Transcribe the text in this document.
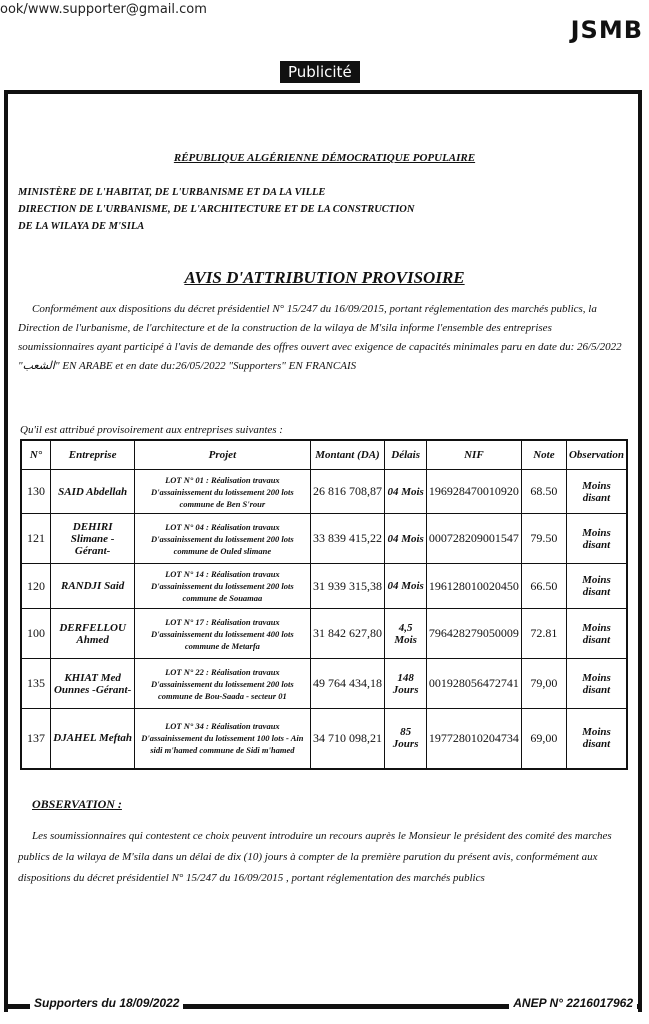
ook/www.supporter@gmail.com
JSMB
Publicité
RÉPUBLIQUE ALGÉRIENNE DÉMOCRATIQUE POPULAIRE
MINISTÈRE DE L'HABITAT, DE L'URBANISME ET DA LA VILLE
DIRECTION DE L'URBANISME, DE L'ARCHITECTURE ET DE LA CONSTRUCTION
DE LA WILAYA DE M'SILA
AVIS D'ATTRIBUTION PROVISOIRE
Conformément aux dispositions du décret présidentiel N° 15/247 du 16/09/2015, portant réglementation des marchés publics, la Direction de l'urbanisme, de l'architecture et de la construction de la wilaya de M'sila informe l'ensemble des entreprises soumissionnaires ayant participé à l'avis de demande des offres ouvert avec exigence de capacités minimales paru en date du: 26/5/2022 "الشعب" EN ARABE et en date du:26/05/2022 "Supporters" EN FRANCAIS
Qu'il est attribué provisoirement aux entreprises suivantes :
N°	Entreprise	Projet	Montant (DA)	Délais	NIF	Note	Observation
130	SAID Abdellah	LOT N° 01 : Réalisation travaux D'assainissement du lotissement 200 lots commune de Ben S'rour	26 816 708,87	04 Mois	196928470010920	68.50	Moins disant
121	DEHIRI Slimane -Gérant-	LOT N° 04 : Réalisation travaux D'assainissement du lotissement 200 lots commune de Ouled slimane	33 839 415,22	04 Mois	000728209001547	79.50	Moins disant
120	RANDJI Said	LOT N° 14 : Réalisation travaux D'assainissement du lotissement 200 lots commune de Souamaa	31 939 315,38	04 Mois	196128010020450	66.50	Moins disant
100	DERFELLOU Ahmed	LOT N° 17 : Réalisation travaux D'assainissement du lotissement 400 lots commune de Metarfa	31 842 627,80	4,5 Mois	796428279050009	72.81	Moins disant
135	KHIAT Med Ounnes -Gérant-	LOT N° 22 : Réalisation travaux D'assainissement du lotissement 200 lots commune de Bou-Saada - secteur 01	49 764 434,18	148 Jours	001928056472741	79,00	Moins disant
137	DJAHEL Meftah	LOT N° 34 : Réalisation travaux D'assainissement du lotissement 100 lots - Ain sidi m'hamed commune de Sidi m'hamed	34 710 098,21	85 Jours	197728010204734	69,00	Moins disant
OBSERVATION :
Les soumissionnaires qui contestent ce choix peuvent introduire un recours auprès le Monsieur le président des comité des marches publics de la wilaya de M'sila dans un délai de dix (10) jours à compter de la première parution du présent avis, conformément aux dispositions du décret présidentiel N° 15/247 du 16/09/2015 , portant réglementation des marchés publics
Supporters du 18/09/2022	ANEP N° 2216017962
